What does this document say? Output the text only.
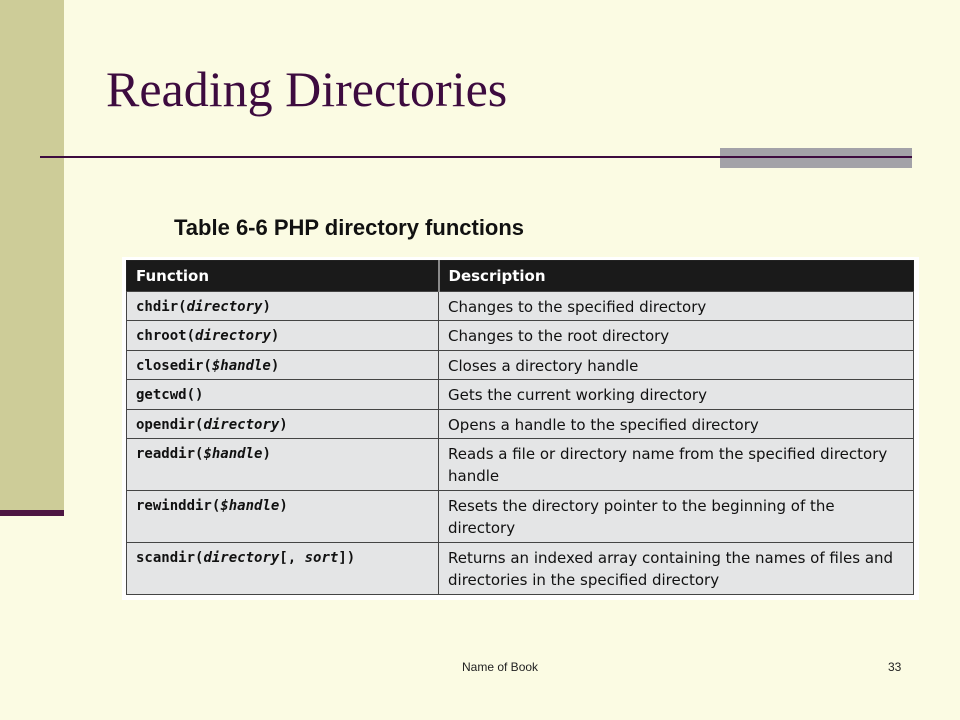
Reading Directories
Table 6-6 PHP directory functions
Function	Description
chdir(directory)	Changes to the specified directory
chroot(directory)	Changes to the root directory
closedir($handle)	Closes a directory handle
getcwd()	Gets the current working directory
opendir(directory)	Opens a handle to the specified directory
readdir($handle)	Reads a file or directory name from the specified directory handle
rewinddir($handle)	Resets the directory pointer to the beginning of the directory
scandir(directory[, sort])	Returns an indexed array containing the names of files and directories in the specified directory
Name of Book	33
